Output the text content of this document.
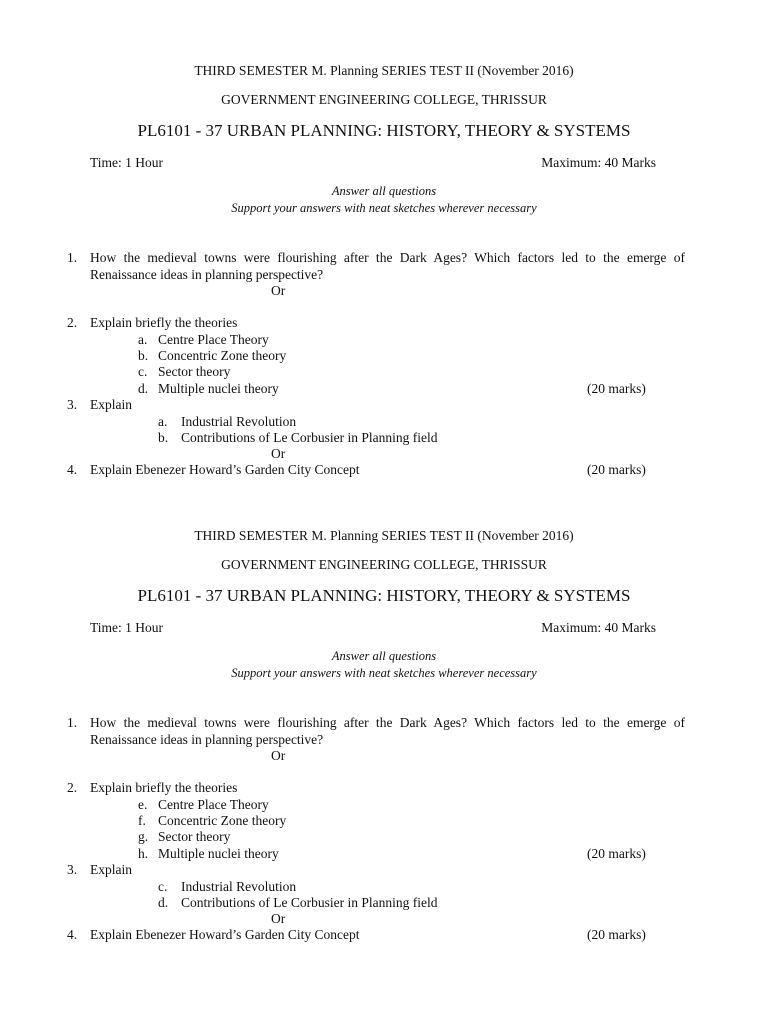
THIRD SEMESTER M. Planning SERIES TEST II (November 2016)
GOVERNMENT ENGINEERING COLLEGE, THRISSUR
PL6101 - 37 URBAN PLANNING: HISTORY, THEORY & SYSTEMS
Time: 1 Hour	Maximum: 40 Marks
Answer all questions
Support your answers with neat sketches wherever necessary
1. How the medieval towns were flourishing after the Dark Ages? Which factors led to the emerge of Renaissance ideas in planning perspective?
Or
2. Explain briefly the theories
a. Centre Place Theory
b. Concentric Zone theory
c. Sector theory
d. Multiple nuclei theory	(20 marks)
3. Explain
a. Industrial Revolution
b. Contributions of Le Corbusier in Planning field
Or
4. Explain Ebenezer Howard’s Garden City Concept	(20 marks)
THIRD SEMESTER M. Planning SERIES TEST II (November 2016)
GOVERNMENT ENGINEERING COLLEGE, THRISSUR
PL6101 - 37 URBAN PLANNING: HISTORY, THEORY & SYSTEMS
Time: 1 Hour	Maximum: 40 Marks
Answer all questions
Support your answers with neat sketches wherever necessary
1. How the medieval towns were flourishing after the Dark Ages? Which factors led to the emerge of Renaissance ideas in planning perspective?
Or
2. Explain briefly the theories
e. Centre Place Theory
f. Concentric Zone theory
g. Sector theory
h. Multiple nuclei theory	(20 marks)
3. Explain
c. Industrial Revolution
d. Contributions of Le Corbusier in Planning field
Or
4. Explain Ebenezer Howard’s Garden City Concept	(20 marks)
